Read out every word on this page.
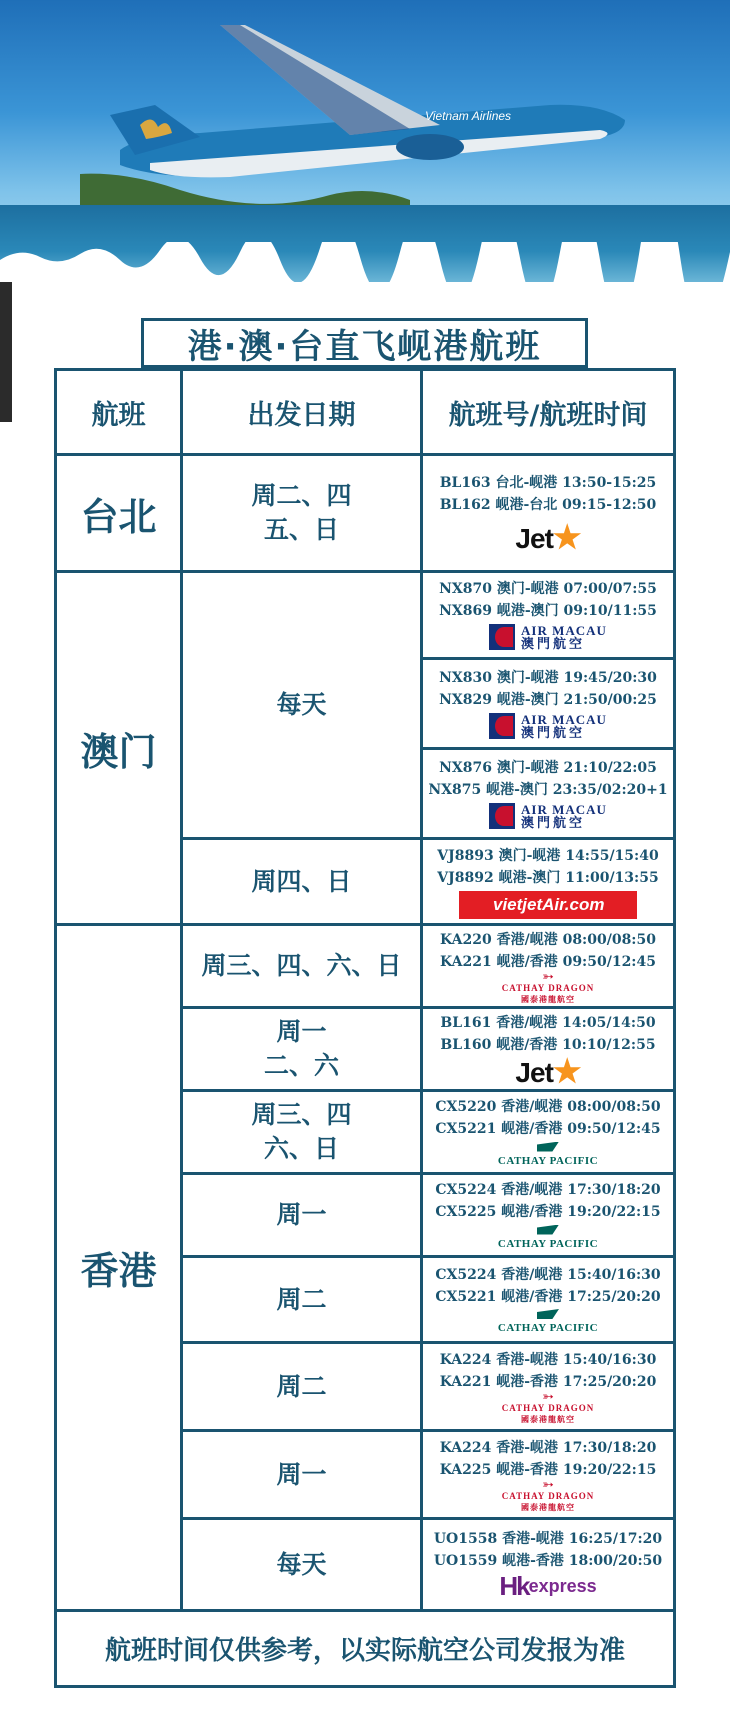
Vietnam Airlines
港·澳·台直飞岘港航班
航班	出发日期	航班号/航班时间
台北
澳门
香港
周二、四
五、日
每天
周四、日
周三、四、六、日
周一
二、六
周三、四
六、日
周一
周二
周二
周一
每天
BL163 台北-岘港 13:50-15:25
BL162 岘港-台北 09:15-12:50
Jet★
NX870 澳门-岘港 07:00/07:55
NX869 岘港-澳门 09:10/11:55
AIR MACAU
澳門航空
NX830 澳门-岘港 19:45/20:30
NX829 岘港-澳门 21:50/00:25
AIR MACAU
澳門航空
NX876 澳门-岘港 21:10/22:05
NX875 岘港-澳门 23:35/02:20+1
AIR MACAU
澳門航空
VJ8893 澳门-岘港 14:55/15:40
VJ8892 岘港-澳门 11:00/13:55
vietjetAir.com
KA220 香港/岘港 08:00/08:50
KA221 岘港/香港 09:50/12:45
➳
CATHAY DRAGON
國泰港龍航空
BL161 香港/岘港 14:05/14:50
BL160 岘港/香港 10:10/12:55
Jet★
CX5220 香港/岘港 08:00/08:50
CX5221 岘港/香港 09:50/12:45
CATHAY PACIFIC
CX5224 香港/岘港 17:30/18:20
CX5225 岘港/香港 19:20/22:15
CATHAY PACIFIC
CX5224 香港/岘港 15:40/16:30
CX5221 岘港/香港 17:25/20:20
CATHAY PACIFIC
KA224 香港-岘港 15:40/16:30
KA221 岘港-香港 17:25/20:20
➳
CATHAY DRAGON
國泰港龍航空
KA224 香港-岘港 17:30/18:20
KA225 岘港-香港 19:20/22:15
➳
CATHAY DRAGON
國泰港龍航空
UO1558 香港-岘港 16:25/17:20
UO1559 岘港-香港 18:00/20:50
Hk express
航班时间仅供参考，以实际航空公司发报为准
